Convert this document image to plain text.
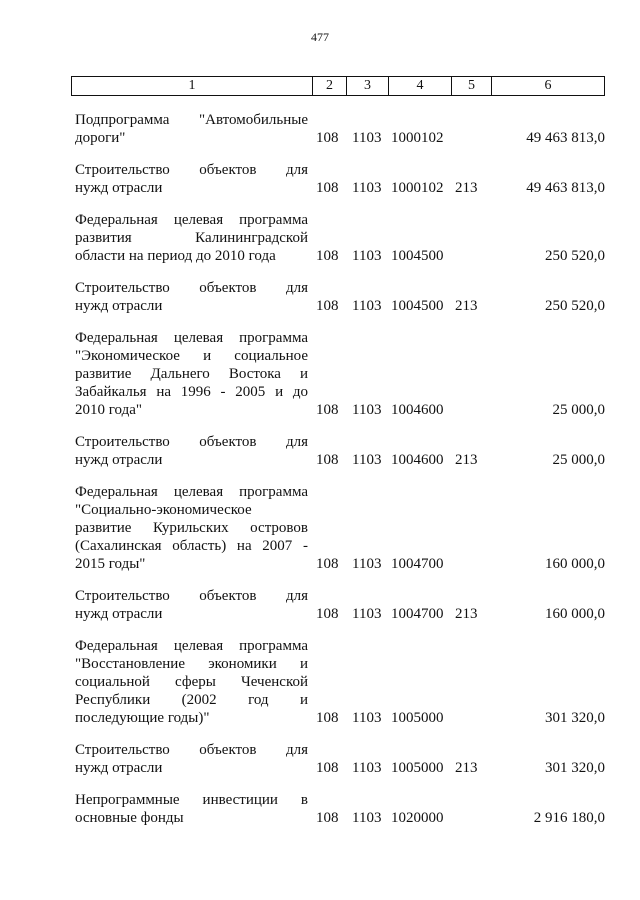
477
1	2	3	4	5	6
Подпрограмма "Автомобильные
дороги"	108 1103 1000102	49 463 813,0
Строительство объектов для
нужд отрасли	108 1103 1000102 213	49 463 813,0
Федеральная целевая программа
развития Калининградской
области на период до 2010 года	108 1103 1004500	250 520,0
Строительство объектов для
нужд отрасли	108 1103 1004500 213	250 520,0
Федеральная целевая программа
"Экономическое и социальное
развитие Дальнего Востока и
Забайкалья на 1996 - 2005 и до
2010 года"	108 1103 1004600	25 000,0
Строительство объектов для
нужд отрасли	108 1103 1004600 213	25 000,0
Федеральная целевая программа
"Социально-экономическое
развитие Курильских островов
(Сахалинская область) на 2007 -
2015 годы"	108 1103 1004700	160 000,0
Строительство объектов для
нужд отрасли	108 1103 1004700 213	160 000,0
Федеральная целевая программа
"Восстановление экономики и
социальной сферы Чеченской
Республики (2002 год и
последующие годы)"	108 1103 1005000	301 320,0
Строительство объектов для
нужд отрасли	108 1103 1005000 213	301 320,0
Непрограммные инвестиции в
основные фонды	108 1103 1020000	2 916 180,0
